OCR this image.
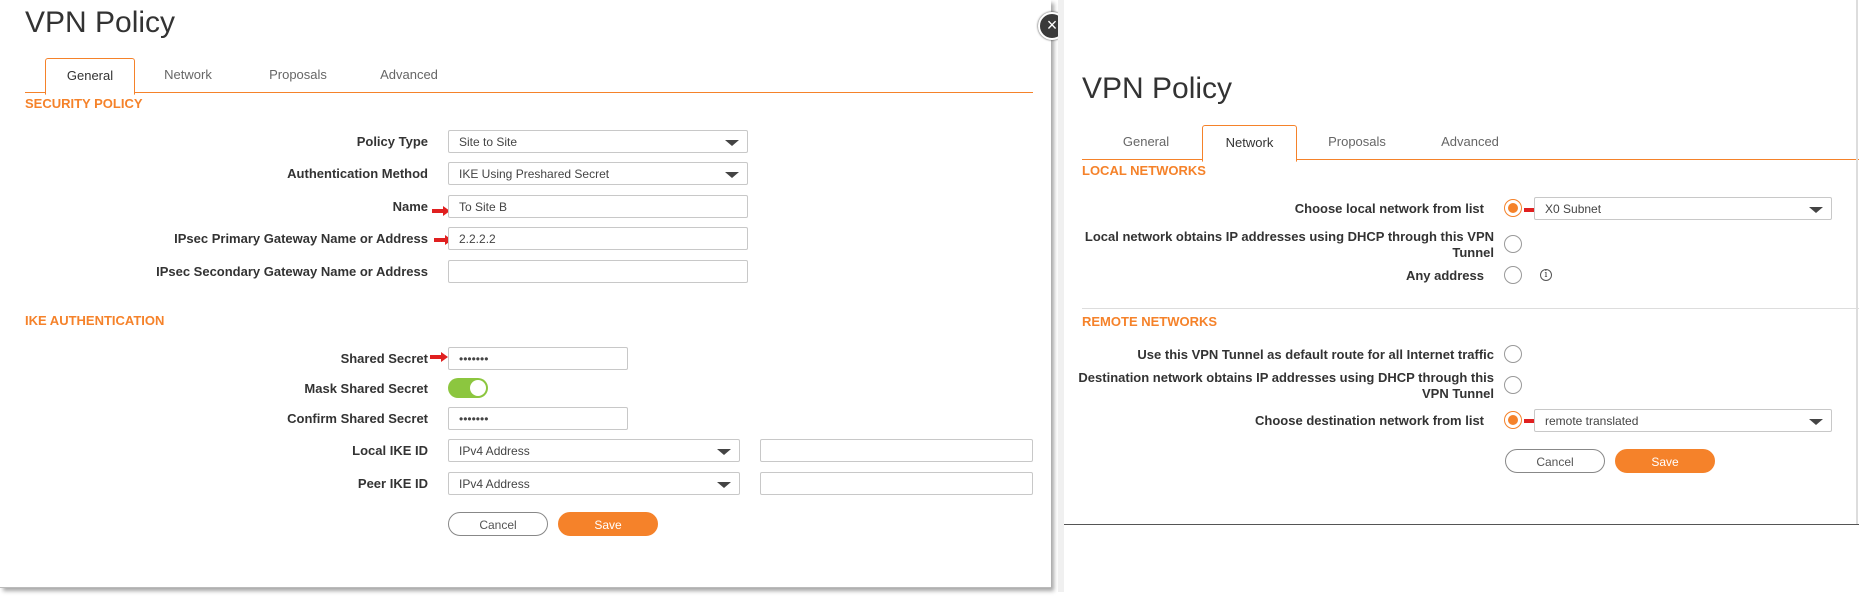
VPN Policy
General	Network	Proposals	Advanced
SECURITY POLICY
Policy Type	Site to Site
Authentication Method	IKE Using Preshared Secret
Name	To Site B
IPsec Primary Gateway Name or Address	2.2.2.2
IPsec Secondary Gateway Name or Address
IKE AUTHENTICATION
Shared Secret	•••••••
Mask Shared Secret
Confirm Shared Secret	•••••••
Local IKE ID	IPv4 Address
Peer IKE ID	IPv4 Address
Cancel	Save
×
VPN Policy
General	Network	Proposals	Advanced
LOCAL NETWORKS
Choose local network from list	X0 Subnet
Local network obtains IP addresses using DHCP through this VPN
Tunnel
Any address	i
REMOTE NETWORKS
Use this VPN Tunnel as default route for all Internet traffic
Destination network obtains IP addresses using DHCP through this
VPN Tunnel
Choose destination network from list	remote translated
Cancel	Save
